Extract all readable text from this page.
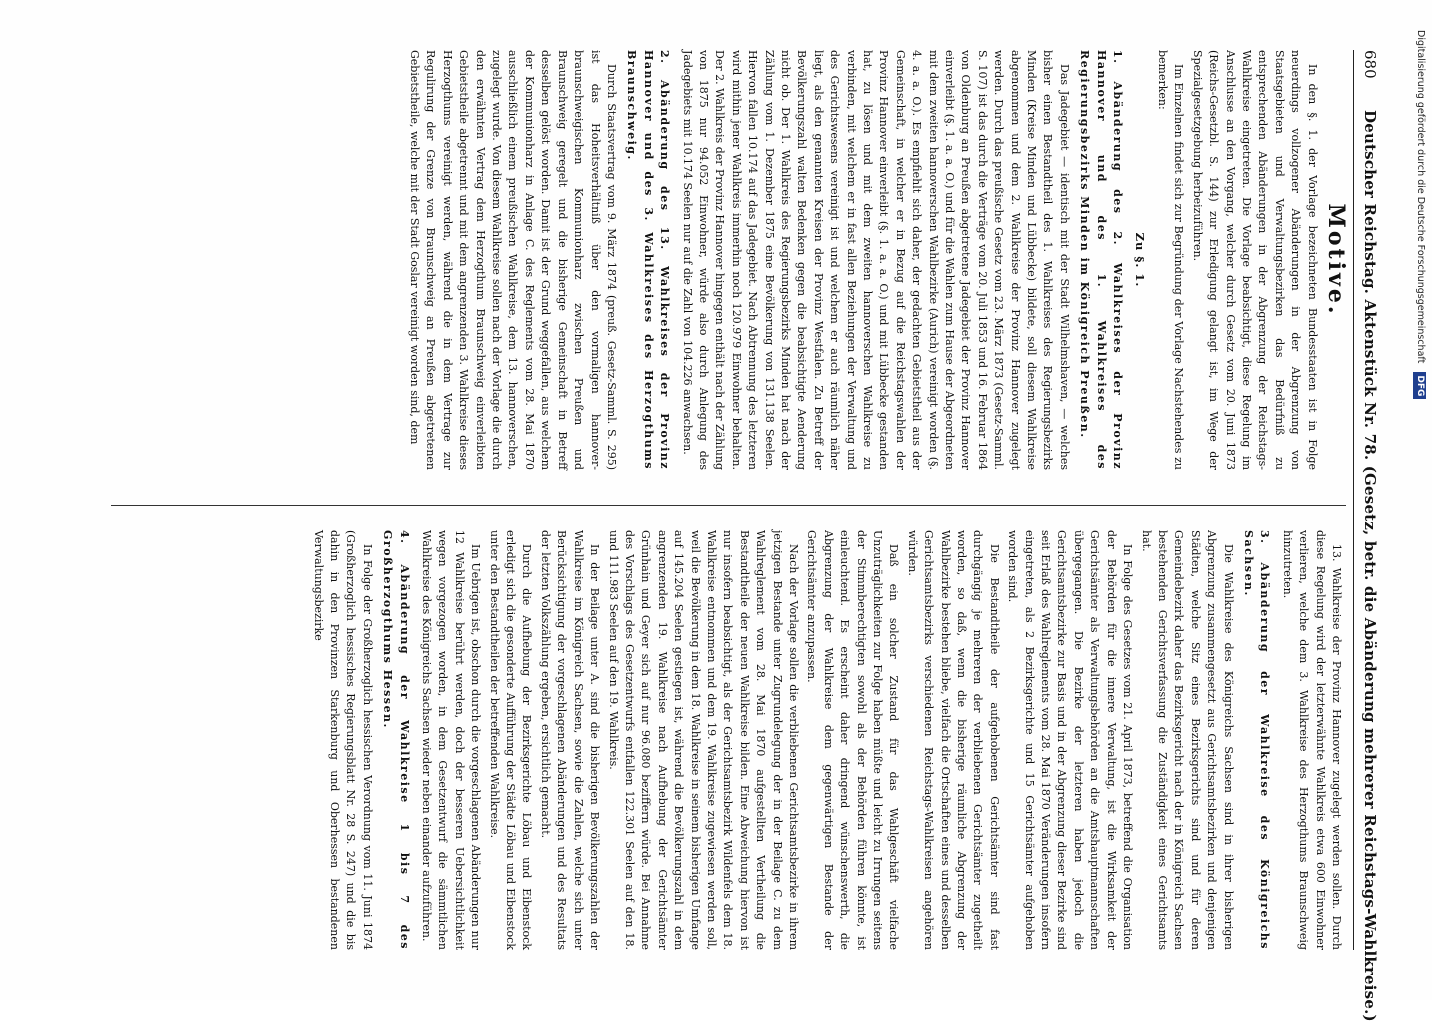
680
Deutscher Reichstag. Aktenstück Nr. 78. (Gesetz, betr. die Abänderung mehrerer Reichstags-Wahlkreise.)
Motive.

In den §. 1. der Vorlage bezeichneten Bundesstaaten ist in Folge neuerdings vollzogener Abänderungen in der Abgrenzung von Staatsgebieten und Verwaltungsbezirken das Bedürfniß zu entsprechenden Abänderungen in der Abgrenzung der Reichstags-Wahlkreise eingetreten. Die Vorlage beabsichtigt, diese Regelung im Anschlusse an den Vorgang, welcher durch Gesetz vom 20. Juni 1873 (Reichs-Gesetzbl. S. 144) zur Erledigung gelangt ist, im Wege der Spezialgesetzgebung herbeizuführen.

Im Einzelnen findet sich zur Begründung der Vorlage Nachstehendes zu bemerken:

Zu §. 1.
1. Abänderung des 2. Wahlkreises der Provinz Hannover und des 1. Wahlkreises des Regierungsbezirks Minden im Königreich Preußen.

Das Jadegebiet — identisch mit der Stadt Wilhelmshaven, — welches bisher einen Bestandtheil des 1. Wahlkreises des Regierungsbezirks Minden (Kreise Minden und Lübbecke) bildete, soll diesem Wahlkreise abgenommen und dem 2. Wahlkreise der Provinz Hannover zugelegt werden. Durch das preußische Gesetz vom 23. März 1873 (Gesetz-Samml. S. 107) ist das durch die Verträge vom 20. Juli 1853 und 16. Februar 1864 von Oldenburg an Preußen abgetretene Jadegebiet der Provinz Hannover einverleibt (§. 1. a. a. O.) und für die Wahlen zum Hause der Abgeordneten mit dem zweiten hannoverschen Wahlbezirke (Aurich) vereinigt worden (§. 4. a. a. O.). Es empfiehlt sich daher, der gedachten Gebietstheil aus der Gemeinschaft, in welcher er in Bezug auf die Reichstagswahlen der Provinz Hannover einverleibt (§. 1. a. a. O.) und mit Lübbecke gestanden hat, zu lösen und mit dem zweiten hannoverschen Wahlkreise zu verbinden, mit welchem er in fast allen Beziehungen der Verwaltung und des Gerichtswesens vereinigt ist und welchem er auch räumlich näher liegt, als den genannten Kreisen der Provinz Westfalen. Zu Betreff der Bevölkerungszahl walten Bedenken gegen die beabsichtigte Aenderung nicht ob. Der 1. Wahlkreis des Regierungsbezirks Minden hat nach der Zählung vom 1. Dezember 1875 eine Bevölkerung von 131.138 Seelen. Hiervon fallen 10.174 auf das Jadegebiet. Nach Abtrennung des letzteren wird mithin jener Wahlkreis immerhin noch 120.979 Einwohner behalten. Der 2. Wahlkreis der Provinz Hannover hingegen enthält nach der Zählung von 1875 nur 94.052 Einwohner, würde also durch Anlegung des Jadegebiets mit 10.174 Seelen nur auf die Zahl von 104.226 anwachsen.

2. Abänderung des 13. Wahlkreises der Provinz Hannover und des 3. Wahlkreises des Herzogthums Braunschweig.

Durch Staatsvertrag vom 9. März 1874 (preuß. Gesetz-Samml. S. 295) ist das Hoheitsverhältniß über den vormaligen hannover-braunschweigischen Kommunionharz zwischen Preußen und Braunschweig geregelt und die bisherige Gemeinschaft in Betreff desselben gelöst worden. Damit ist der Grund weggefallen, aus welchem der Kommunionharz in Anlage C. des Reglements vom 28. Mai 1870 ausschließlich einem preußischen Wahlkreise, dem 13. hannoverschen, zugelegt wurde. Von diesem Wahlkreise sollen nach der Vorlage die durch den erwähnten Vertrag dem Herzogthum Braunschweig einverleibten Gebietstheile abgetrennt und mit dem angrenzenden 3. Wahlkreise dieses Herzogthums vereinigt werden, während die in dem Vertrage zur Regulirung der Grenze von Braunschweig an Preußen abgetretenen Gebietstheile, welche mit der Stadt Goslar vereinigt worden sind, dem

13. Wahlkreise der Provinz Hannover zugelegt werden sollen. Durch diese Regelung wird der letzterwähnte Wahlkreis etwa 600 Einwohner verlieren, welche dem 3. Wahlkreise des Herzogthums Braunschweig hinzutreten.

3. Abänderung der Wahlkreise des Königreichs Sachsen.

Die Wahlkreise des Königreichs Sachsen sind in ihrer bisherigen Abgrenzung zusammengesetzt aus Gerichtsamtsbezirken und denjenigen Städten, welche Sitz eines Bezirksgerichts sind und für deren Gemeindebezirk daher das Bezirksgericht nach der in Königreich Sachsen bestehenden Gerichtsverfassung die Zuständigkeit eines Gerichtsamts hat.

In Folge des Gesetzes vom 21. April 1873, betreffend die Organisation der Behörden für die innere Verwaltung, ist die Wirksamkeit der Gerichtsämter als Verwaltungsbehörden an die Amtshauptmannschaften übergegangen. Die Bezirke der letzteren haben jedoch die Gerichtsamtsbezirke zur Basis und in der Abgrenzung dieser Bezirke sind seit Erlaß des Wahlreglements vom 28. Mai 1870 Veränderungen insofern eingetreten, als 2 Bezirksgerichte und 15 Gerichtsämter aufgehoben worden sind.

Die Bestandtheile der aufgehobenen Gerichtsämter sind fast durchgängig je mehreren der verbliebenen Gerichtsämter zugetheilt worden, so daß, wenn die bisherige räumliche Abgrenzung der Wahlbezirke bestehen bliebe, vielfach die Ortschaften eines und desselben Gerichtsamtsbezirks verschiedenen Reichstags-Wahlkreisen angehören würden.

Daß ein solcher Zustand für das Wahlgeschäft vielfache Unzuträglichkeiten zur Folge haben müßte und leicht zu Irrungen seitens der Stimmberechtigten sowohl als der Behörden führen könnte, ist einleuchtend. Es erscheint daher dringend wünschenswerth, die Abgrenzung der Wahlkreise dem gegenwärtigen Bestande der Gerichtsämter anzupassen.

Nach der Vorlage sollen die verbliebenen Gerichtsamtsbezirke in ihrem jetzigen Bestande unter Zugrundelegung der in der Beilage C. zu dem Wahlreglement vom 28. Mai 1870 aufgestellten Vertheilung die Bestandtheile der neuen Wahlkreise bilden. Eine Abweichung hiervon ist nur insofern beabsichtigt, als der Gerichtsamtsbezirk Wildenfels dem 18. Wahlkreise entnommen und dem 19. Wahlkreise zugewiesen werden soll, weil die Bevölkerung in dem 18. Wahlkreise in seinem bisherigen Umfange auf 145.204 Seelen gestiegen ist, während die Bevölkerungszahl in dem angrenzenden 19. Wahlkreise nach Aufhebung der Gerichtsämter Grünhain und Geyer sich auf nur 96.080 beziffern würde. Bei Annahme des Vorschlags des Gesetzentwurfs entfallen 122.301 Seelen auf den 18. und 111.983 Seelen auf den 19. Wahlkreis.

In der Beilage unter A. sind die bisherigen Bevölkerungszahlen der Wahlkreise im Königreich Sachsen, sowie die Zahlen, welche sich unter Berücksichtigung der vorgeschlagenen Abänderungen und des Resultats der letzten Volkszählung ergeben, ersichtlich gemacht.

Durch die Aufhebung der Bezirksgerichte Löbau und Eibenstock erledigt sich die gesonderte Aufführung der Städte Löbau und Eibenstock unter den Bestandtheilen der betreffenden Wahlkreise.

Im Uebrigen ist, obschon durch die vorgeschlagenen Abänderungen nur 12 Wahlkreise berührt werden, doch der besseren Uebersichtlichkeit wegen vorgezogen worden, in dem Gesetzentwurf die sämmtlichen Wahlkreise des Königreichs Sachsen wieder neben einander aufzuführen.

4. Abänderung der Wahlkreise 1 bis 7 des Großherzogthums Hessen.

In Folge der Großherzoglich hessischen Verordnung vom 11. Juni 1874 (Großherzoglich hessisches Regierungsblatt Nr. 28 S. 247) und die bis dahin in den Provinzen Starkenburg und Oberhessen bestandenen Verwaltungsbezirke

Digitalisierung gefördert durch die Deutsche Forschungsgemeinschaft DFG
